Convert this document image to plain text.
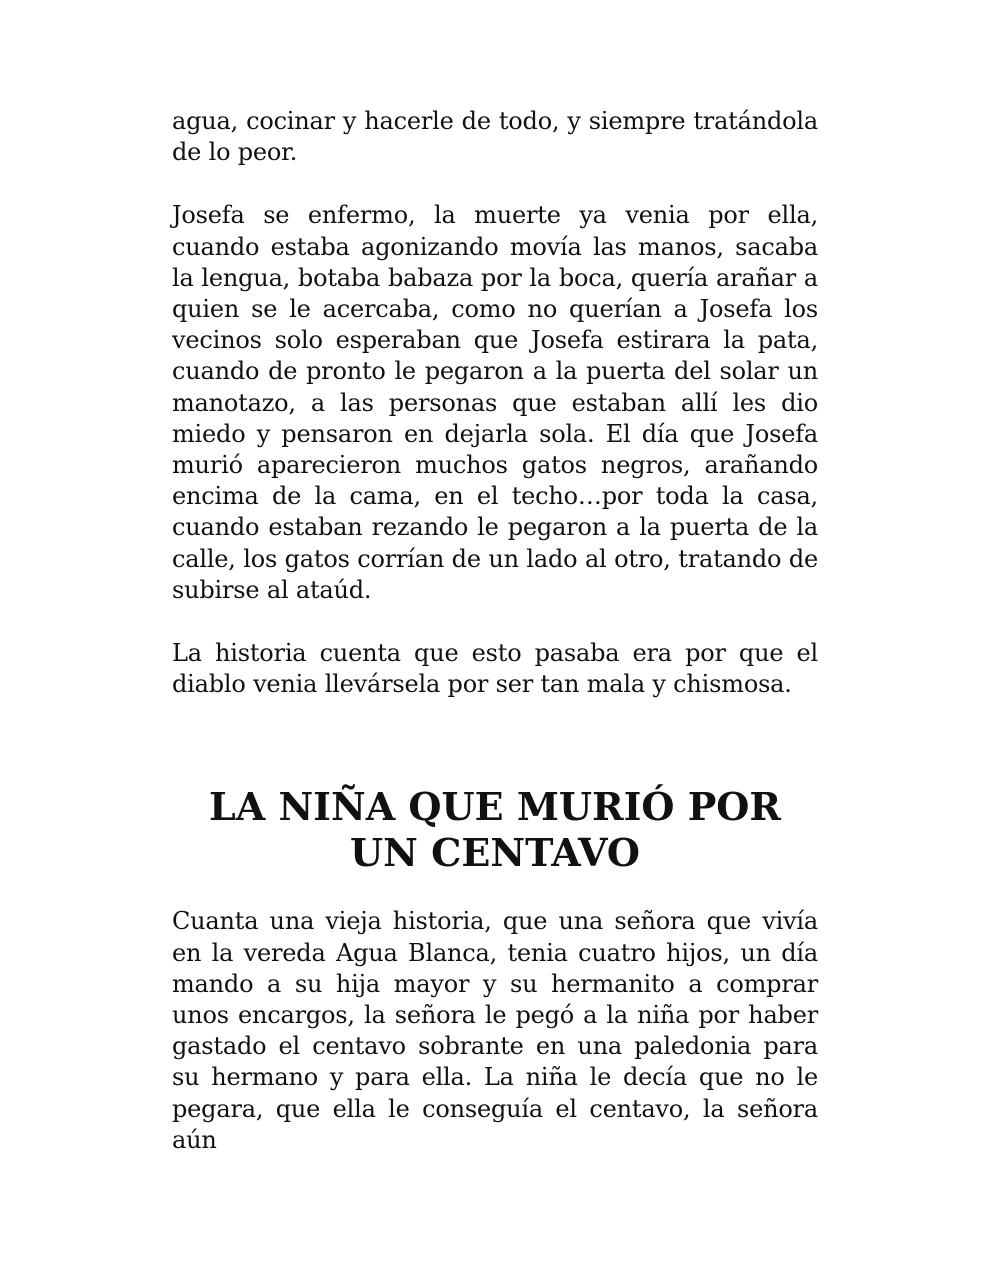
agua, cocinar y hacerle de todo, y siempre tratándola de lo peor.

Josefa se enfermo, la muerte ya venia por ella, cuando estaba agonizando movía las manos, sacaba la lengua, botaba babaza por la boca, quería arañar a quien se le acercaba, como no querían a Josefa los vecinos solo esperaban que Josefa estirara la pata, cuando de pronto le pegaron a la puerta del solar un manotazo, a las personas que estaban allí les dio miedo y pensaron en dejarla sola. El día que Josefa murió aparecieron muchos gatos negros, arañando encima de la cama, en el techo…por toda la casa, cuando estaban rezando le pegaron a la puerta de la calle, los gatos corrían de un lado al otro, tratando de subirse al ataúd.

La historia cuenta que esto pasaba era por que el diablo venia llevársela por ser tan mala y chismosa.

LA NIÑA QUE MURIÓ POR UN CENTAVO

Cuanta una vieja historia, que una señora que vivía en la vereda Agua Blanca, tenia cuatro hijos, un día mando a su hija mayor y su hermanito a comprar unos encargos, la señora le pegó a la niña por haber gastado el centavo sobrante en una paledonia para su hermano y para ella. La niña le decía que no le pegara, que ella le conseguía el centavo, la señora aún
